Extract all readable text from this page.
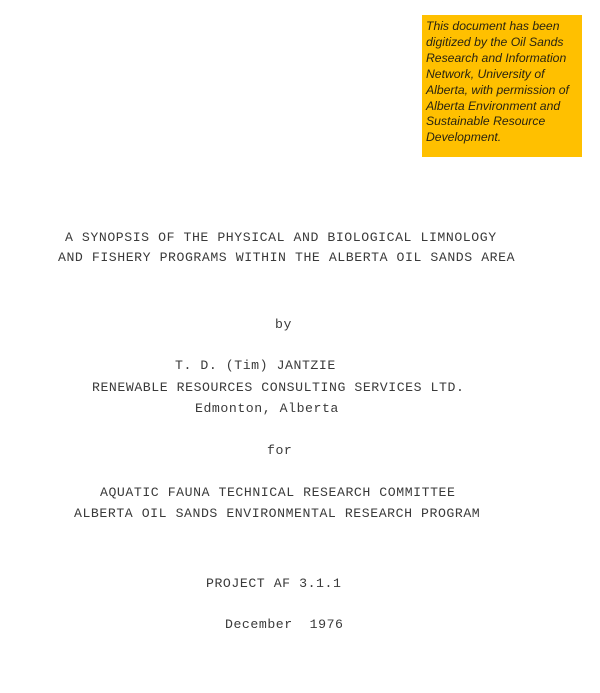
This document has been digitized by the Oil Sands Research and Information Network, University of Alberta, with permission of Alberta Environment and Sustainable Resource Development.
A SYNOPSIS OF THE PHYSICAL AND BIOLOGICAL LIMNOLOGY
AND FISHERY PROGRAMS WITHIN THE ALBERTA OIL SANDS AREA
by
T. D. (Tim) JANTZIE
RENEWABLE RESOURCES CONSULTING SERVICES LTD.
Edmonton, Alberta
for
AQUATIC FAUNA TECHNICAL RESEARCH COMMITTEE
ALBERTA OIL SANDS ENVIRONMENTAL RESEARCH PROGRAM
PROJECT AF 3.1.1
December  1976
